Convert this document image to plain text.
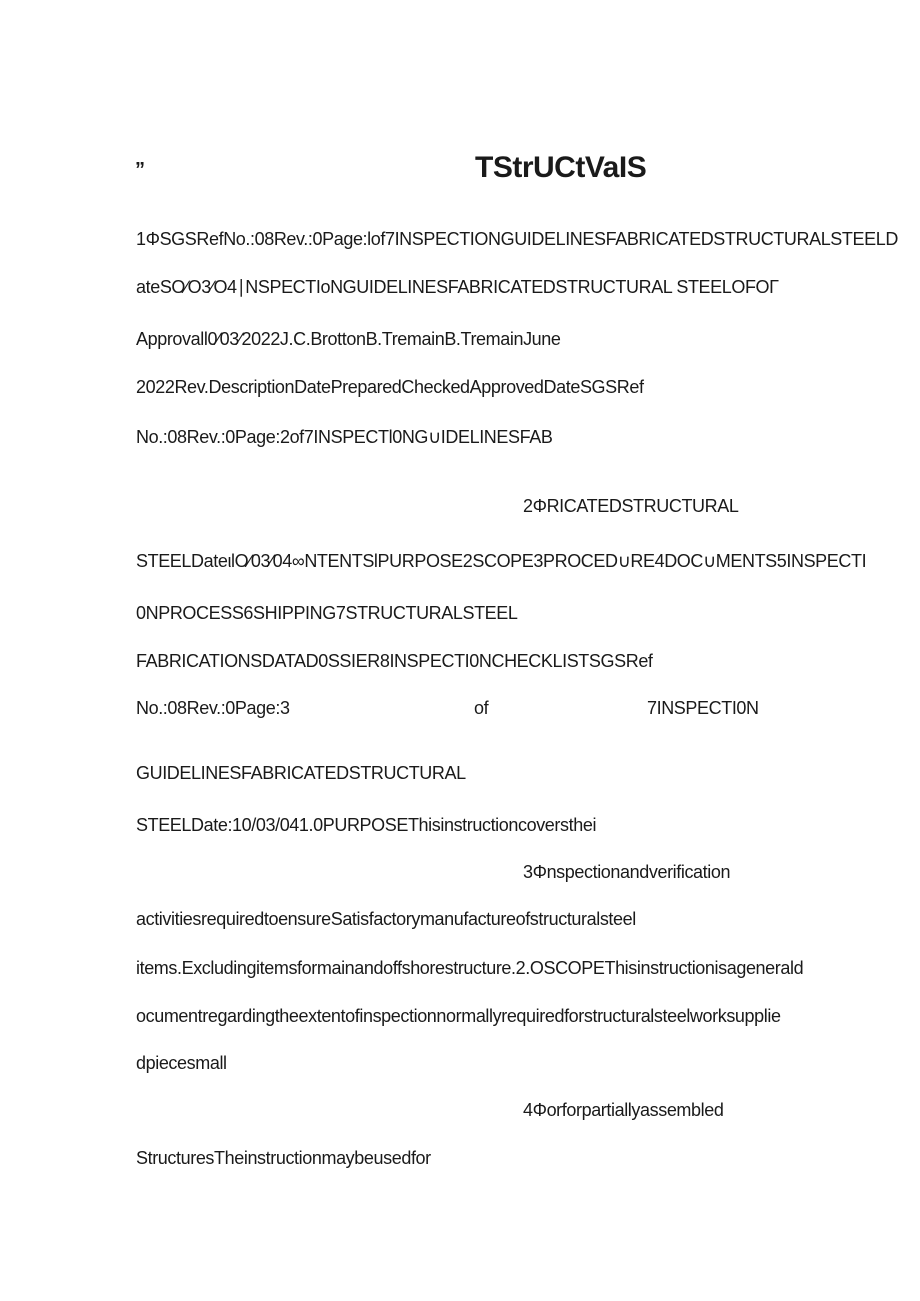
”	TStrUCtVaIS
1ΦSGSRefNo.:08Rev.:0Page:lof7INSPECTIONGUIDELINESFABRICATEDSTRUCTURALSTEELD
ateSO∕O3∕O4∣NSPECTIoNGUIDELINESFABRICATEDSTRUCTURAL STEELOFOΓ
Approvall0∕03∕2022J.C.BrottonB.TremainB.TremainJune
2022Rev.DescriptionDatePreparedCheckedApprovedDateSGSRef
No.:08Rev.:0Page:2of7INSPECTl0NG∪IDELINESFAB
2ΦRICATEDSTRUCTURAL
STEELDateιlO∕03∕04∞NTENTSlPURPOSE2SCOPE3PROCED∪RE4DOC∪MENTS5INSPECTI
0NPROCESS6SHIPPING7STRUCTURALSTEEL
FABRICATIONSDATAD0SSIER8INSPECTI0NCHECKLISTSGSRef
No.:08Rev.:0Page:3	of	7INSPECTI0N
GUIDELINESFABRICATEDSTRUCTURAL
STEELDate:10/03/041.0PURPOSEThisinstructioncoversthei
3Φnspectionandverification
activitiesrequiredtoensureSatisfactorymanufactureofstructuralsteel
items.Excludingitemsformainandoffshorestructure.2.OSCOPEThisinstructionisagenerald
ocumentregardingtheextentofinspectionnormallyrequiredforstructuralsteelworksupplie
dpiecesmall
4Φorforpartiallyassembled
StructuresTheinstructionmaybeusedfor
